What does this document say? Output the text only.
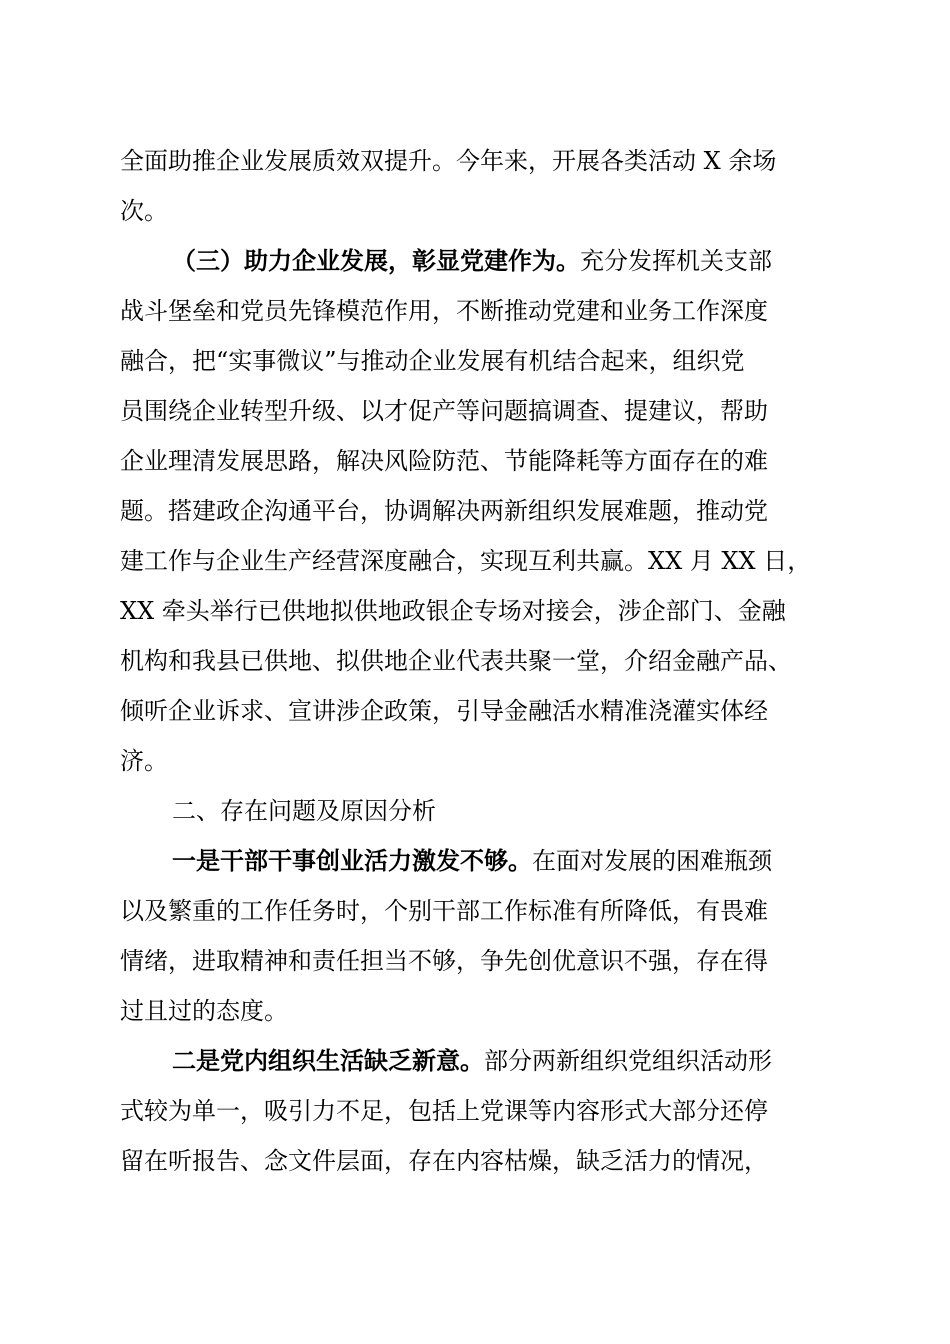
全面助推企业发展质效双提升。今年来，开展各类活动 X 余场
次。
（三）助力企业发展，彰显党建作为。充分发挥机关支部
战斗堡垒和党员先锋模范作用，不断推动党建和业务工作深度
融合，把“实事微议”与推动企业发展有机结合起来，组织党
员围绕企业转型升级、以才促产等问题搞调查、提建议，帮助
企业理清发展思路，解决风险防范、节能降耗等方面存在的难
题。搭建政企沟通平台，协调解决两新组织发展难题，推动党
建工作与企业生产经营深度融合，实现互利共赢。XX 月 XX 日，
XX 牵头举行已供地拟供地政银企专场对接会，涉企部门、金融
机构和我县已供地、拟供地企业代表共聚一堂，介绍金融产品、
倾听企业诉求、宣讲涉企政策，引导金融活水精准浇灌实体经
济。
二、存在问题及原因分析
一是干部干事创业活力激发不够。在面对发展的困难瓶颈
以及繁重的工作任务时，个别干部工作标准有所降低，有畏难
情绪，进取精神和责任担当不够，争先创优意识不强，存在得
过且过的态度。
二是党内组织生活缺乏新意。部分两新组织党组织活动形
式较为单一，吸引力不足，包括上党课等内容形式大部分还停
留在听报告、念文件层面，存在内容枯燥，缺乏活力的情况，
